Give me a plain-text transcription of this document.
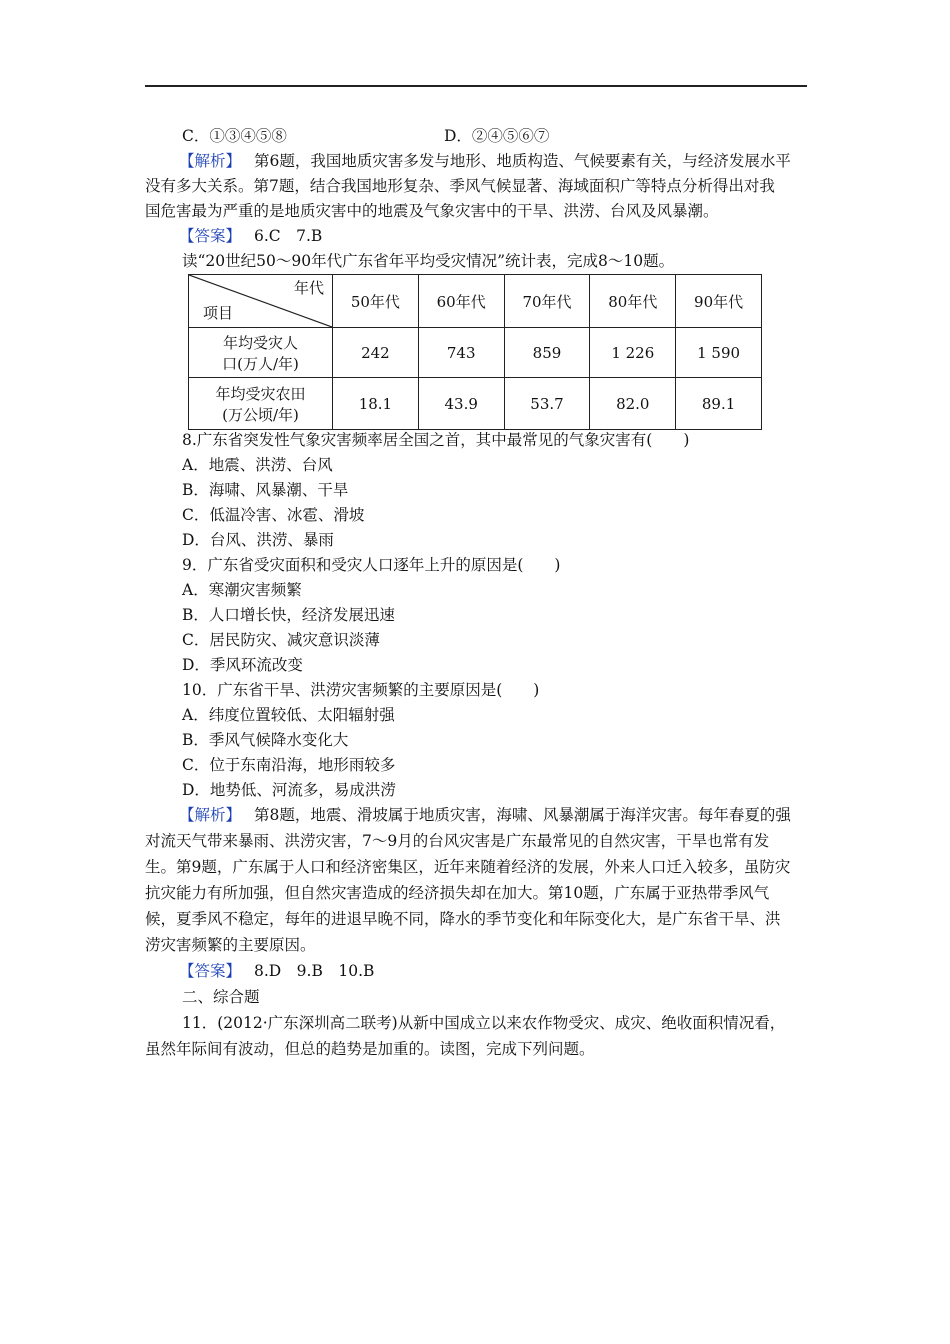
C．①③④⑤⑧	D．②④⑤⑥⑦
【解析】 第6题，我国地质灾害多发与地形、地质构造、气候要素有关，与经济发展水平
没有多大关系。第7题，结合我国地形复杂、季风气候显著、海域面积广等特点分析得出对我
国危害最为严重的是地质灾害中的地震及气象灾害中的干旱、洪涝、台风及风暴潮。
【答案】 6.C　7.B
读“20世纪50～90年代广东省年平均受灾情况”统计表，完成8～10题。
年代
项目	50年代	60年代	70年代	80年代	90年代

年均受灾人
口(万人/年)	242	743	859	1 226	1 590

年均受灾农田
(万公顷/年)	18.1	43.9	53.7	82.0	89.1
8.广东省突发性气象灾害频率居全国之首，其中最常见的气象灾害有(　　)
A．地震、洪涝、台风
B．海啸、风暴潮、干旱
C．低温冷害、冰雹、滑坡
D．台风、洪涝、暴雨
9．广东省受灾面积和受灾人口逐年上升的原因是(　　)
A．寒潮灾害频繁
B．人口增长快，经济发展迅速
C．居民防灾、减灾意识淡薄
D．季风环流改变
10．广东省干旱、洪涝灾害频繁的主要原因是(　　)
A．纬度位置较低、太阳辐射强
B．季风气候降水变化大
C．位于东南沿海，地形雨较多
D．地势低、河流多，易成洪涝
【解析】 第8题，地震、滑坡属于地质灾害，海啸、风暴潮属于海洋灾害。每年春夏的强
对流天气带来暴雨、洪涝灾害，7～9月的台风灾害是广东最常见的自然灾害，干旱也常有发
生。第9题，广东属于人口和经济密集区，近年来随着经济的发展，外来人口迁入较多，虽防灾
抗灾能力有所加强，但自然灾害造成的经济损失却在加大。第10题，广东属于亚热带季风气
候，夏季风不稳定，每年的进退早晚不同，降水的季节变化和年际变化大，是广东省干旱、洪
涝灾害频繁的主要原因。
【答案】 8.D　9.B　10.B
二、综合题
11．(2012·广东深圳高二联考)从新中国成立以来农作物受灾、成灾、绝收面积情况看，
虽然年际间有波动，但总的趋势是加重的。读图，完成下列问题。
